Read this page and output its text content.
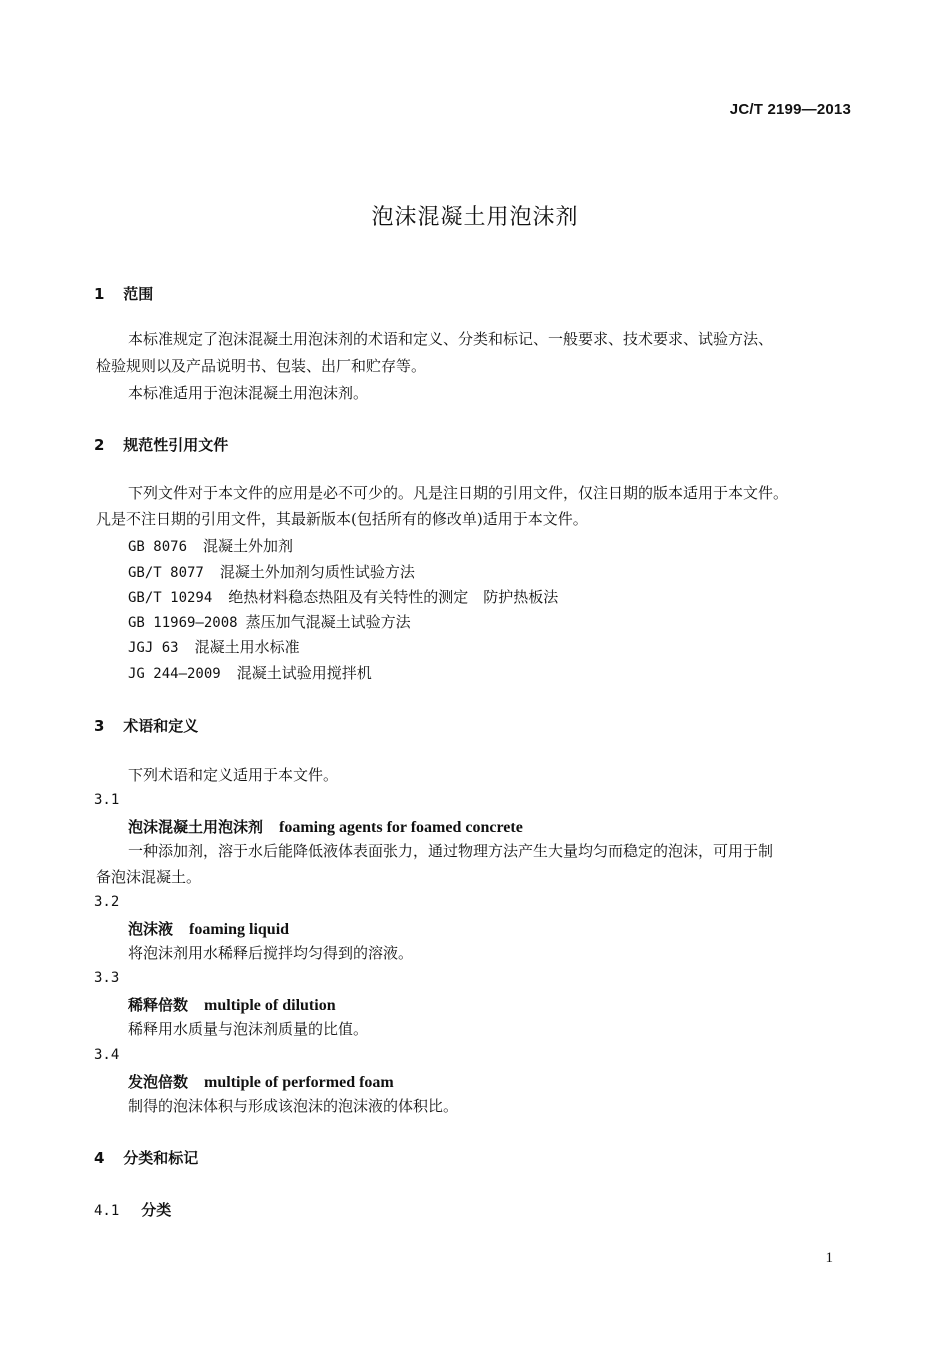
JC/T 2199—2013
泡沫混凝土用泡沫剂
1 范围
本标准规定了泡沫混凝土用泡沫剂的术语和定义、分类和标记、一般要求、技术要求、试验方法、
检验规则以及产品说明书、包装、出厂和贮存等。
本标准适用于泡沫混凝土用泡沫剂。
2 规范性引用文件
下列文件对于本文件的应用是必不可少的。凡是注日期的引用文件，仅注日期的版本适用于本文件。
凡是不注日期的引用文件，其最新版本(包括所有的修改单)适用于本文件。
GB 8076 混凝土外加剂
GB/T 8077 混凝土外加剂匀质性试验方法
GB/T 10294 绝热材料稳态热阻及有关特性的测定　防护热板法
GB 11969—2008 蒸压加气混凝土试验方法
JGJ 63 混凝土用水标准
JG 244—2009 混凝土试验用搅拌机
3 术语和定义
下列术语和定义适用于本文件。
3.1
泡沫混凝土用泡沫剂 foaming agents for foamed concrete
一种添加剂，溶于水后能降低液体表面张力，通过物理方法产生大量均匀而稳定的泡沫，可用于制
备泡沫混凝土。
3.2
泡沫液 foaming liquid
将泡沫剂用水稀释后搅拌均匀得到的溶液。
3.3
稀释倍数 multiple of dilution
稀释用水质量与泡沫剂质量的比值。
3.4
发泡倍数 multiple of performed foam
制得的泡沫体积与形成该泡沫的泡沫液的体积比。
4 分类和标记
4.1 分类
1
